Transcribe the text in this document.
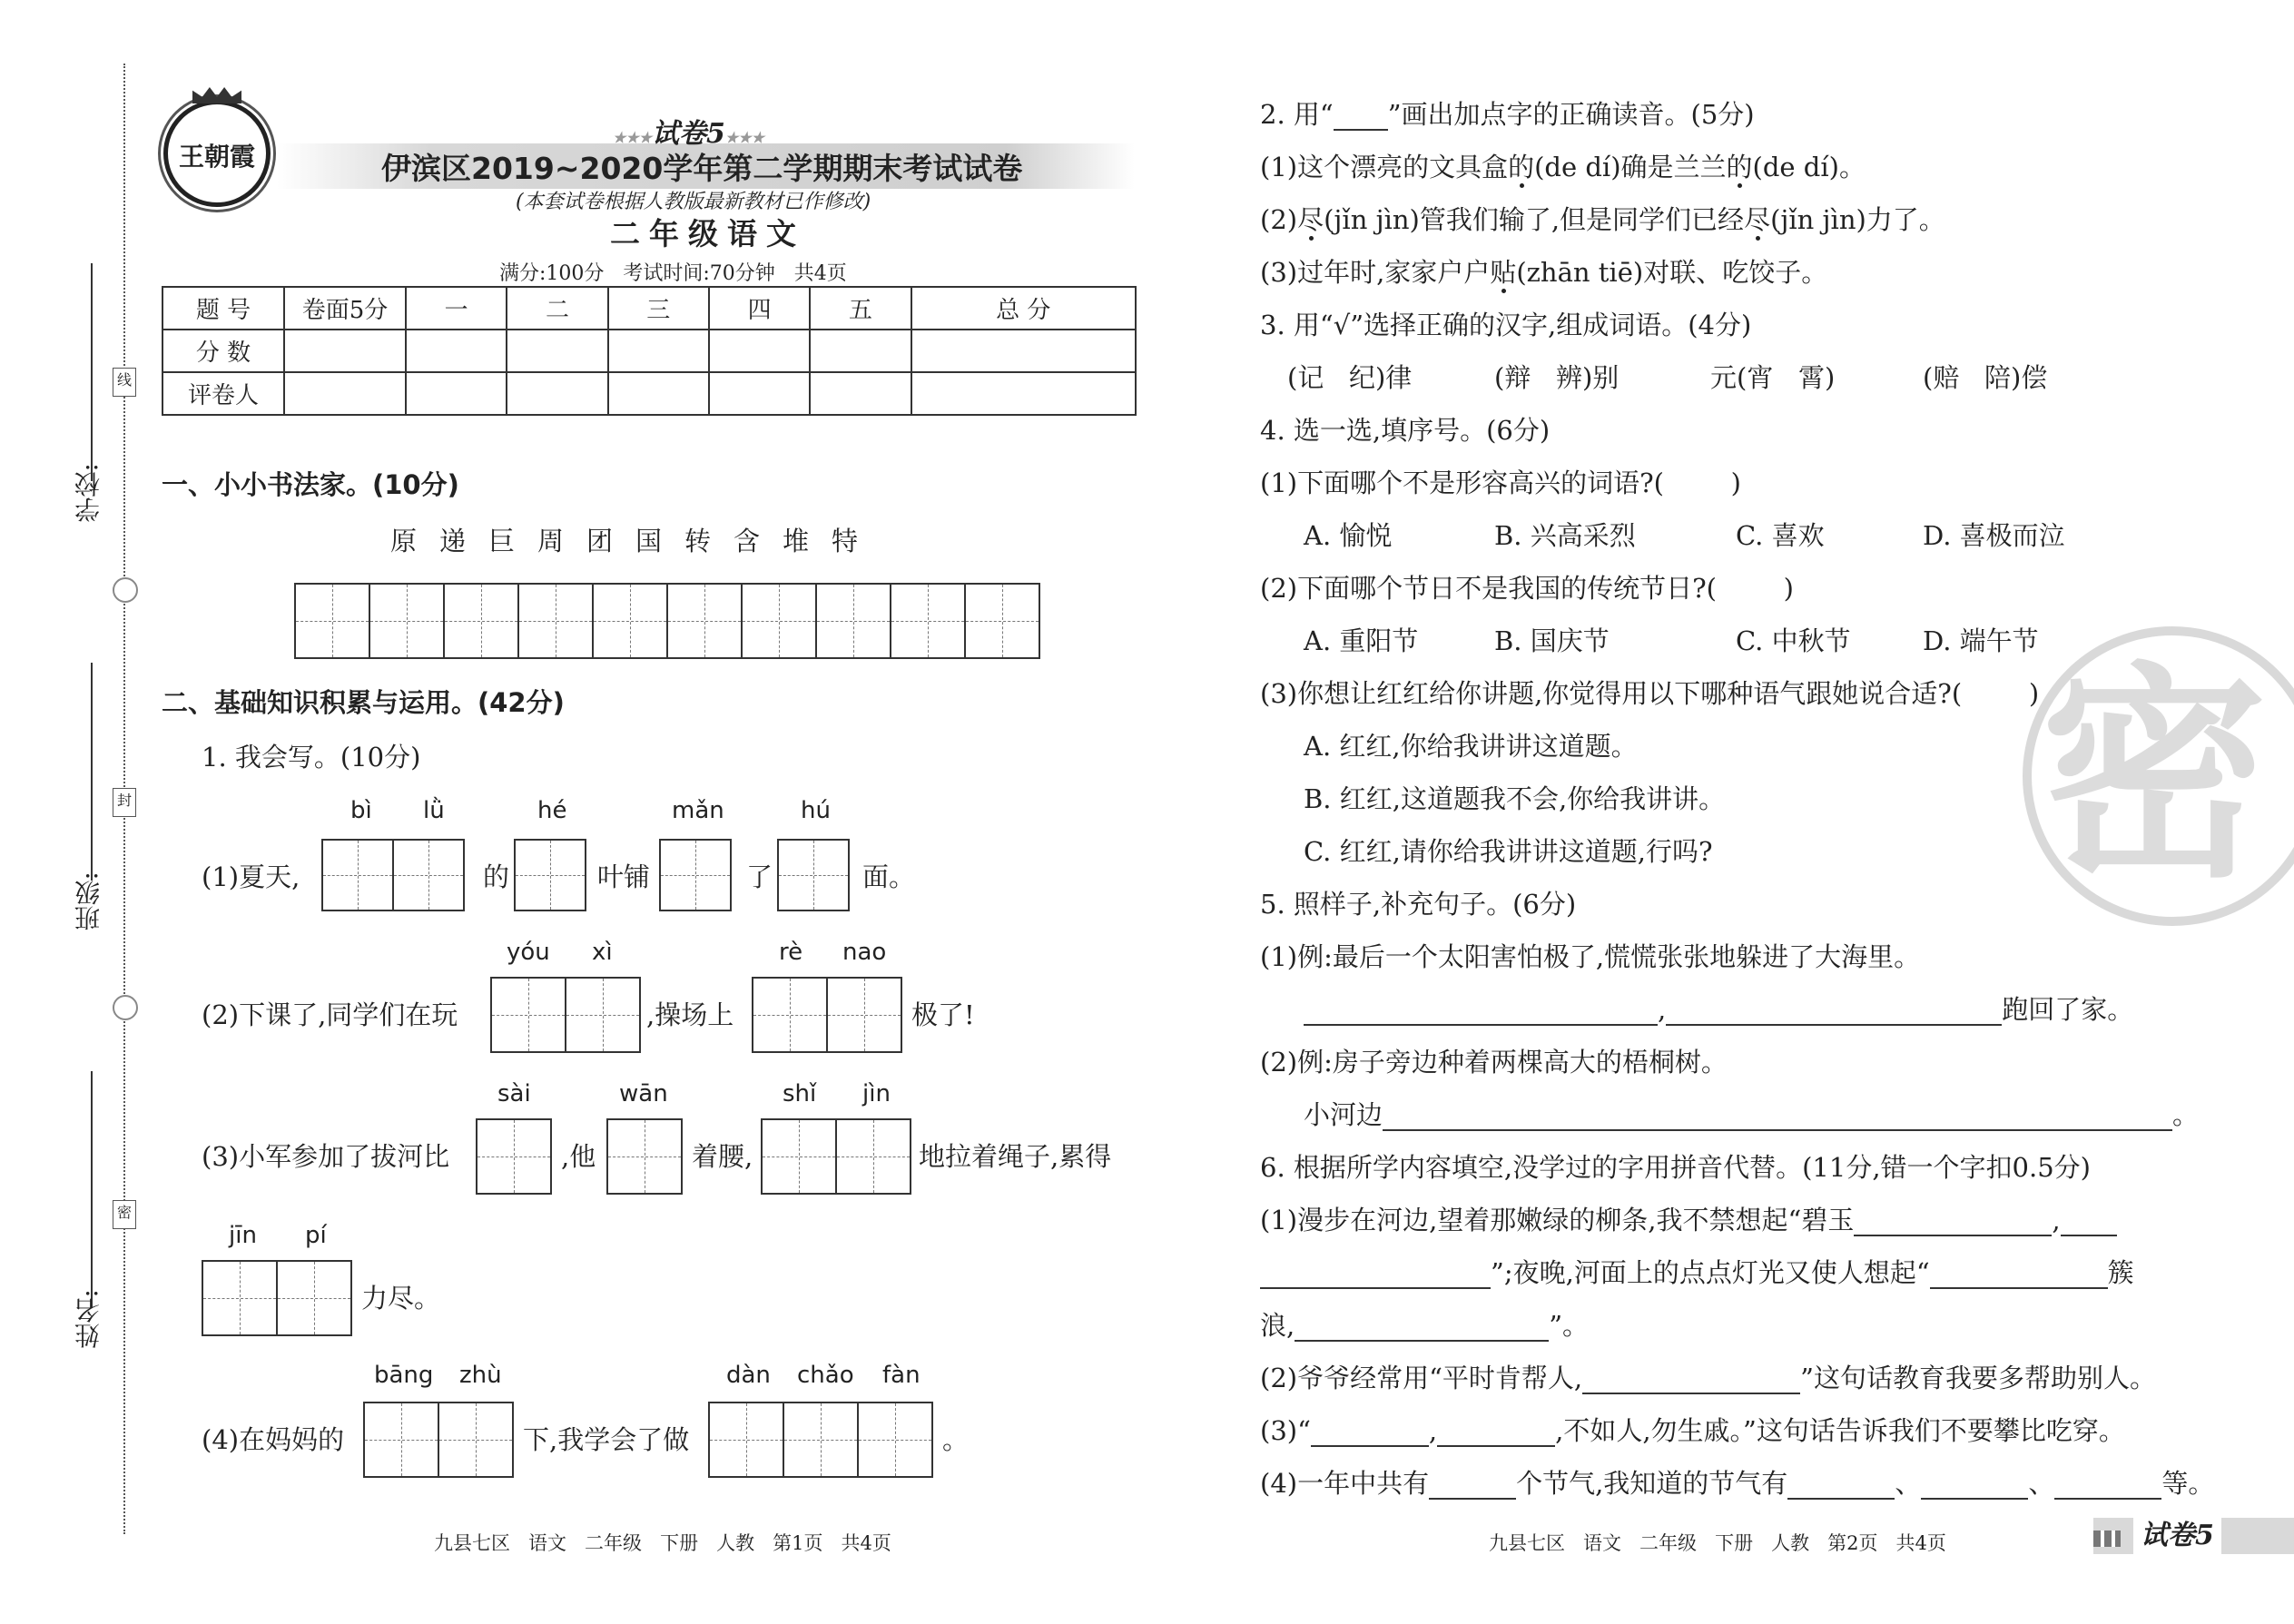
学校:
班级:
姓名:
线
封
密
王朝霞
★★★试卷5★★★
伊滨区2019~2020学年第二学期期末考试试卷
(本套试卷根据人教版最新教材已作修改)
二年级语文
满分:100分   考试时间:70分钟   共4页
题 号	卷面5分	一	二	三	四	五	总 分
分 数							
评卷人							
一、小小书法家。(10分)
原 递 巨 周 团 国 转 含 堆 特
二、基础知识积累与运用。(42分)
1. 我会写。(10分)
bì lǜ	hé	mǎn	hú
(1)夏天,	的	叶铺	了	面。
yóu xì	rè nao
(2)下课了,同学们在玩	,操场上	极了!
sài	wān	shǐ jìn
(3)小军参加了拔河比	,他	着腰,	地拉着绳子,累得
jīn pí
力尽。
bāng zhù	dàn chǎo fàn
(4)在妈妈的	下,我学会了做	。
九县七区   语文   二年级   下册   人教   第1页   共4页
密
2. 用“ ”画出加点字的正确读音。(5分)
(1)这个漂亮的文具盒的(de dí)确是兰兰的(de dí)。
(2)尽(jǐn jìn)管我们输了,但是同学们已经尽(jǐn jìn)力了。
(3)过年时,家家户户贴(zhān tiē)对联、吃饺子。
3. 用“√”选择正确的汉字,组成词语。(4分)
(记   纪)律	(辩   辨)别	元(宵   霄)	(赔   陪)偿
4. 选一选,填序号。(6分)
(1)下面哪个不是形容高兴的词语?(        )
A. 愉悦	B. 兴高采烈	C. 喜欢	D. 喜极而泣
(2)下面哪个节日不是我国的传统节日?(        )
A. 重阳节	B. 国庆节	C. 中秋节	D. 端午节
(3)你想让红红给你讲题,你觉得用以下哪种语气跟她说合适?(        )
A. 红红,你给我讲讲这道题。
B. 红红,这道题我不会,你给我讲讲。
C. 红红,请你给我讲讲这道题,行吗?
5. 照样子,补充句子。(6分)
(1)例:最后一个太阳害怕极了,慌慌张张地躲进了大海里。
,	跑回了家。
(2)例:房子旁边种着两棵高大的梧桐树。
小河边	。
6. 根据所学内容填空,没学过的字用拼音代替。(11分,错一个字扣0.5分)
(1)漫步在河边,望着那嫩绿的柳条,我不禁想起“碧玉	,
”;夜晚,河面上的点点灯光又使人想起“	簇
浪,	”。
(2)爷爷经常用“平时肯帮人,	”这句话教育我要多帮助别人。
(3)“	,	,不如人,勿生戚。”这句话告诉我们不要攀比吃穿。
(4)一年中共有	个节气,我知道的节气有	、	、	等。
九县七区   语文   二年级   下册   人教   第2页   共4页	试卷5
